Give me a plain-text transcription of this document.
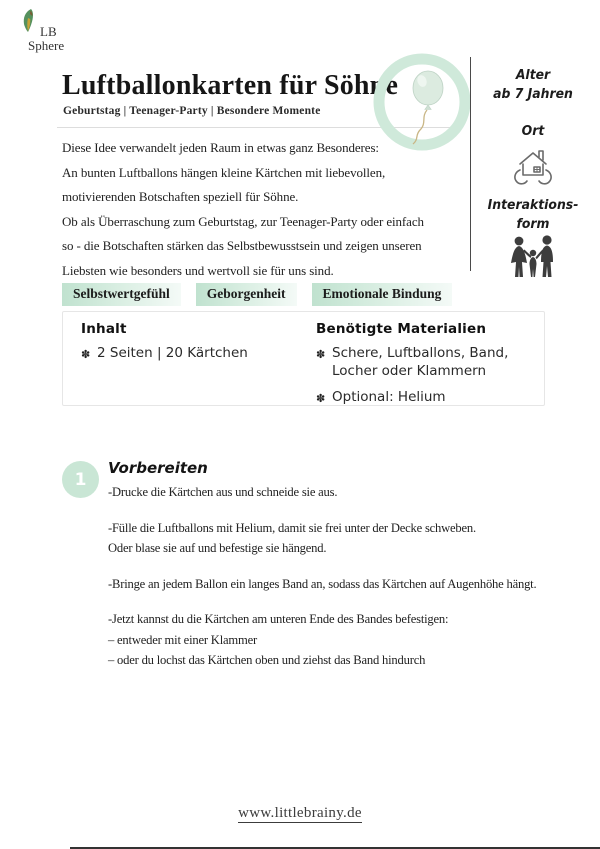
LB
Sphere
Luftballonkarten für Söhne
Geburtstag | Teenager-Party | Besondere Momente
Alter
ab 7 Jahren
Ort
Interaktions-
form
Diese Idee verwandelt jeden Raum in etwas ganz Besonderes:
An bunten Luftballons hängen kleine Kärtchen mit liebevollen,
motivierenden Botschaften speziell für Söhne.
Ob als Überraschung zum Geburtstag, zur Teenager-Party oder einfach
so - die Botschaften stärken das Selbstbewusstsein und zeigen unseren
Liebsten wie besonders und wertvoll sie für uns sind.
Selbstwertgefühl	Geborgenheit	Emotionale Bindung
Inhalt
✽ 2 Seiten | 20 Kärtchen
Benötigte Materialien
✽ Schere, Luftballons, Band, Locher oder Klammern
✽ Optional: Helium
1
Vorbereiten
-Drucke die Kärtchen aus und schneide sie aus.
-Fülle die Luftballons mit Helium, damit sie frei unter der Decke schweben.
Oder blase sie auf und befestige sie hängend.
-Bringe an jedem Ballon ein langes Band an, sodass das Kärtchen auf Augenhöhe hängt.
-Jetzt kannst du die Kärtchen am unteren Ende des Bandes befestigen:
– entweder mit einer Klammer
– oder du lochst das Kärtchen oben und ziehst das Band hindurch
www.littlebrainy.de
